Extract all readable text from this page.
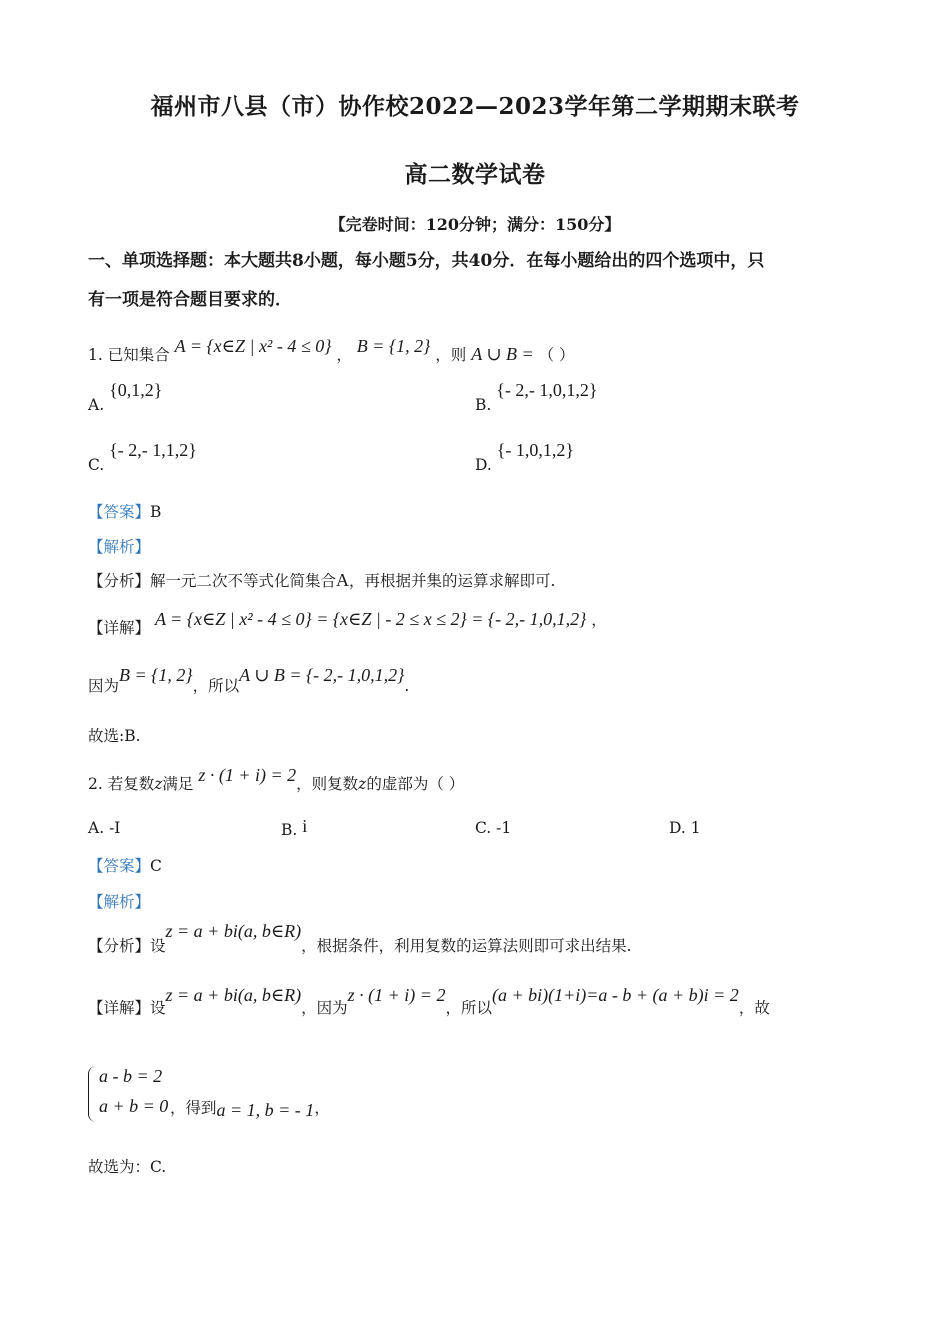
福州市八县（市）协作校2022—2023学年第二学期期末联考
高二数学试卷
【完卷时间：120分钟；满分：150分】
一、单项选择题：本大题共8小题，每小题5分，共40分．在每小题给出的四个选项中，只
有一项是符合题目要求的．
1. 已知集合 A = {x∈Z | x² - 4 ≤ 0} ， B = {1, 2} ，则 A ∪ B = （ ）
A. {0,1,2}
B. {- 2,- 1,0,1,2}
C. {- 2,- 1,1,2}
D. {- 1,0,1,2}
【答案】B
【解析】
【分析】解一元二次不等式化简集合A，再根据并集的运算求解即可.
【详解】 A = {x∈Z | x² - 4 ≤ 0} = {x∈Z | - 2 ≤ x ≤ 2} = {- 2,- 1,0,1,2} ，
因为B = {1, 2}，所以A ∪ B = {- 2,- 1,0,1,2}.
故选:B.
2. 若复数z满足 z · (1 + i) = 2，则复数z的虚部为（ ）
A. -I	B. i	C. -1	D. 1
【答案】C
【解析】
【分析】设z = a + bi(a, b∈R)，根据条件，利用复数的运算法则即可求出结果.
【详解】设z = a + bi(a, b∈R)，因为z · (1 + i) = 2，所以(a + bi)(1+i)=a - b + (a + b)i = 2，故
a - b = 2
a + b = 0 ，得到a = 1, b = - 1，
故选为：C.
